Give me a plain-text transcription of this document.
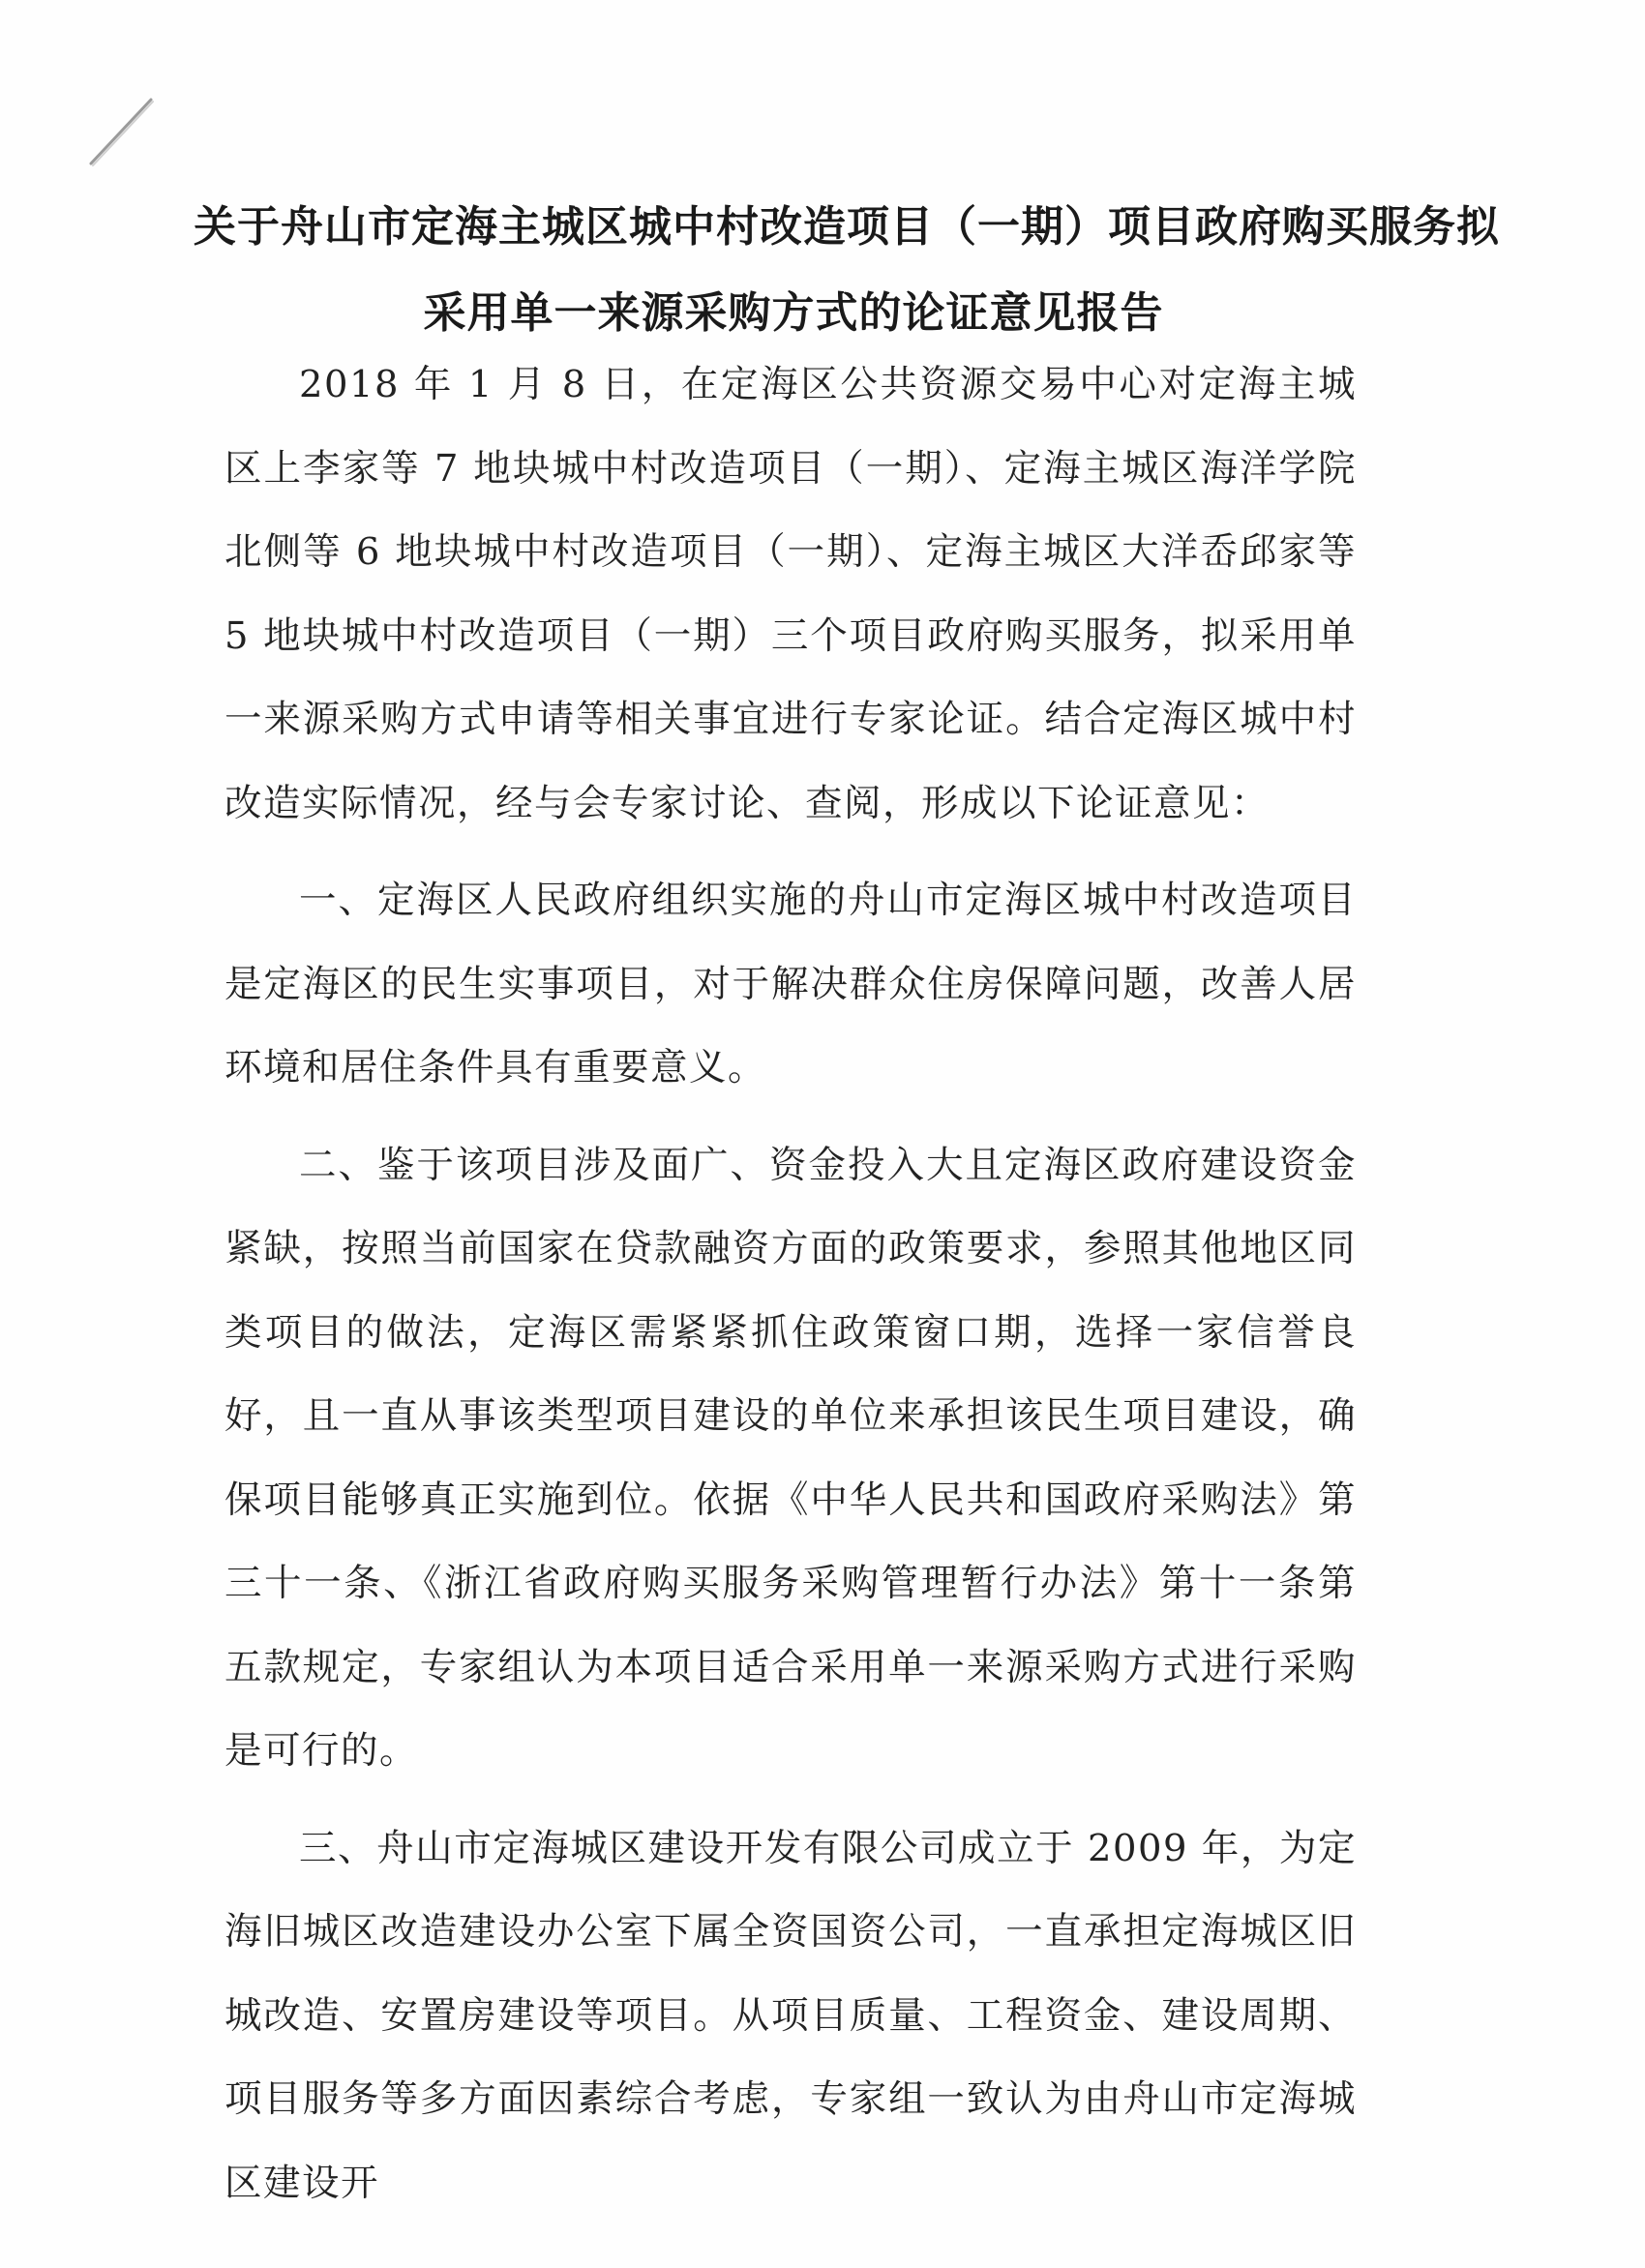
关于舟山市定海主城区城中村改造项目（一期）项目政府购买服务拟
采用单一来源采购方式的论证意见报告

2018 年 1 月 8 日，在定海区公共资源交易中心对定海主城区上李家等 7 地块城中村改造项目（一期）、定海主城区海洋学院北侧等 6 地块城中村改造项目（一期）、定海主城区大洋岙邱家等 5 地块城中村改造项目（一期）三个项目政府购买服务，拟采用单一来源采购方式申请等相关事宜进行专家论证。结合定海区城中村改造实际情况，经与会专家讨论、查阅，形成以下论证意见：

一、定海区人民政府组织实施的舟山市定海区城中村改造项目是定海区的民生实事项目，对于解决群众住房保障问题，改善人居环境和居住条件具有重要意义。

二、鉴于该项目涉及面广、资金投入大且定海区政府建设资金紧缺，按照当前国家在贷款融资方面的政策要求，参照其他地区同类项目的做法，定海区需紧紧抓住政策窗口期，选择一家信誉良好，且一直从事该类型项目建设的单位来承担该民生项目建设，确保项目能够真正实施到位。依据《中华人民共和国政府采购法》第三十一条、《浙江省政府购买服务采购管理暂行办法》第十一条第五款规定，专家组认为本项目适合采用单一来源采购方式进行采购是可行的。

三、舟山市定海城区建设开发有限公司成立于 2009 年，为定海旧城区改造建设办公室下属全资国资公司，一直承担定海城区旧城改造、安置房建设等项目。从项目质量、工程资金、建设周期、项目服务等多方面因素综合考虑，专家组一致认为由舟山市定海城区建设开
